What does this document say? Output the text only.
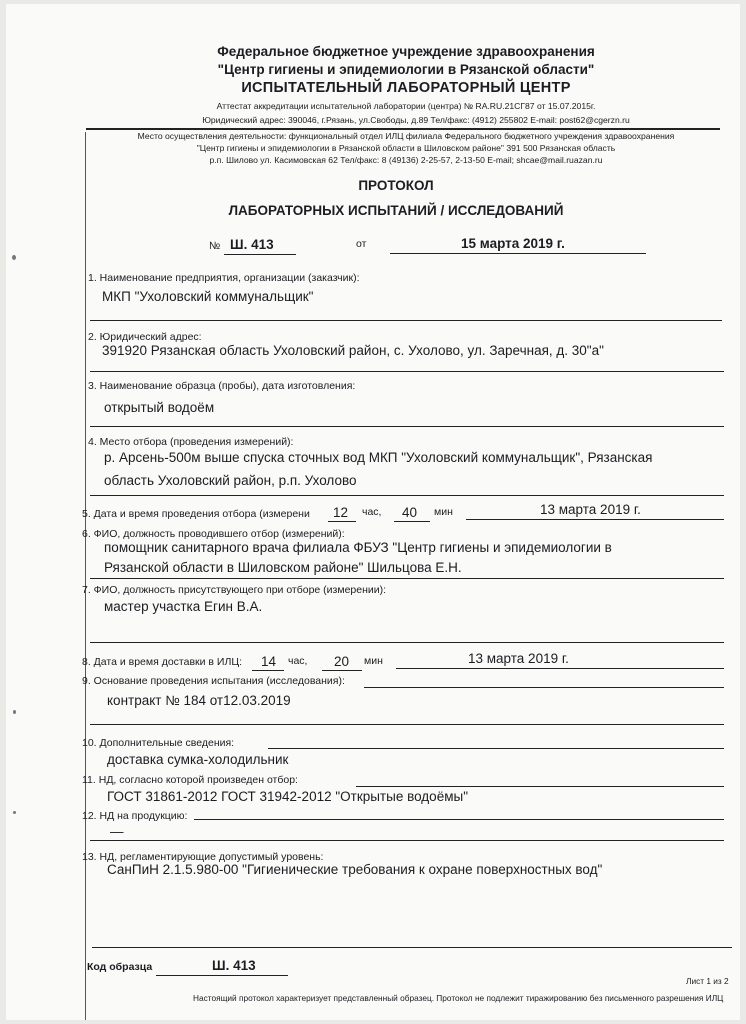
Федеральное бюджетное учреждение здравоохранения
"Центр гигиены и эпидемиологии в Рязанской области"
ИСПЫТАТЕЛЬНЫЙ ЛАБОРАТОРНЫЙ ЦЕНТР
Аттестат аккредитации испытательной лаборатории (центра) № RA.RU.21СГ87 от 15.07.2015г.
Юридический адрес: 390046, г.Рязань, ул.Свободы, д.89 Тел/факс: (4912) 255802 E-mail: post62@cgerzn.ru
Место осуществления деятельности: функциональный отдел ИЛЦ филиала Федерального бюджетного учреждения здравоохранения
"Центр гигиены и эпидемиологии в Рязанской области в Шиловском районе" 391 500 Рязанская область
р.п. Шилово ул. Касимовская 62 Тел/факс: 8 (49136) 2-25-57, 2-13-50 E-mail; shcae@mail.ruazan.ru
ПРОТОКОЛ
ЛАБОРАТОРНЫХ ИСПЫТАНИЙ / ИССЛЕДОВАНИЙ
№ Ш. 413	от	15 марта 2019 г.
1. Наименование предприятия, организации (заказчик):
МКП "Ухоловский коммунальщик"
2. Юридический адрес:
391920 Рязанская область Ухоловский район, с. Ухолово, ул. Заречная, д. 30"а"
3. Наименование образца (пробы), дата изготовления:
открытый водоём
4. Место отбора (проведения измерений):
р. Арсень-500м выше спуска сточных вод МКП "Ухоловский коммунальщик", Рязанская
область Ухоловский район, р.п. Ухолово
5. Дата и время проведения отбора (измерени 12 час, 40 мин	13 марта 2019 г.
6. ФИО, должность проводившего отбор (измерений):
помощник санитарного врача филиала ФБУЗ "Центр гигиены и эпидемиологии в
Рязанской области в Шиловском районе" Шильцова Е.Н.
7. ФИО, должность присутствующего при отборе (измерении):
мастер участка Егин В.А.
8. Дата и время доставки в ИЛЦ: 14 час, 20 мин	13 марта 2019 г.
9. Основание проведения испытания (исследования):
контракт № 184 от12.03.2019
10. Дополнительные сведения:
доставка сумка-холодильник
11. НД, согласно которой произведен отбор:
ГОСТ 31861-2012 ГОСТ 31942-2012 "Открытые водоёмы"
12. НД на продукцию:
—
13. НД, регламентирующие допустимый уровень:
СанПиН 2.1.5.980-00 "Гигиенические требования к охране поверхностных вод"
Код образца	Ш. 413
Лист 1 из 2
Настоящий протокол характеризует представленный образец. Протокол не подлежит тиражированию без письменного разрешения ИЛЦ
